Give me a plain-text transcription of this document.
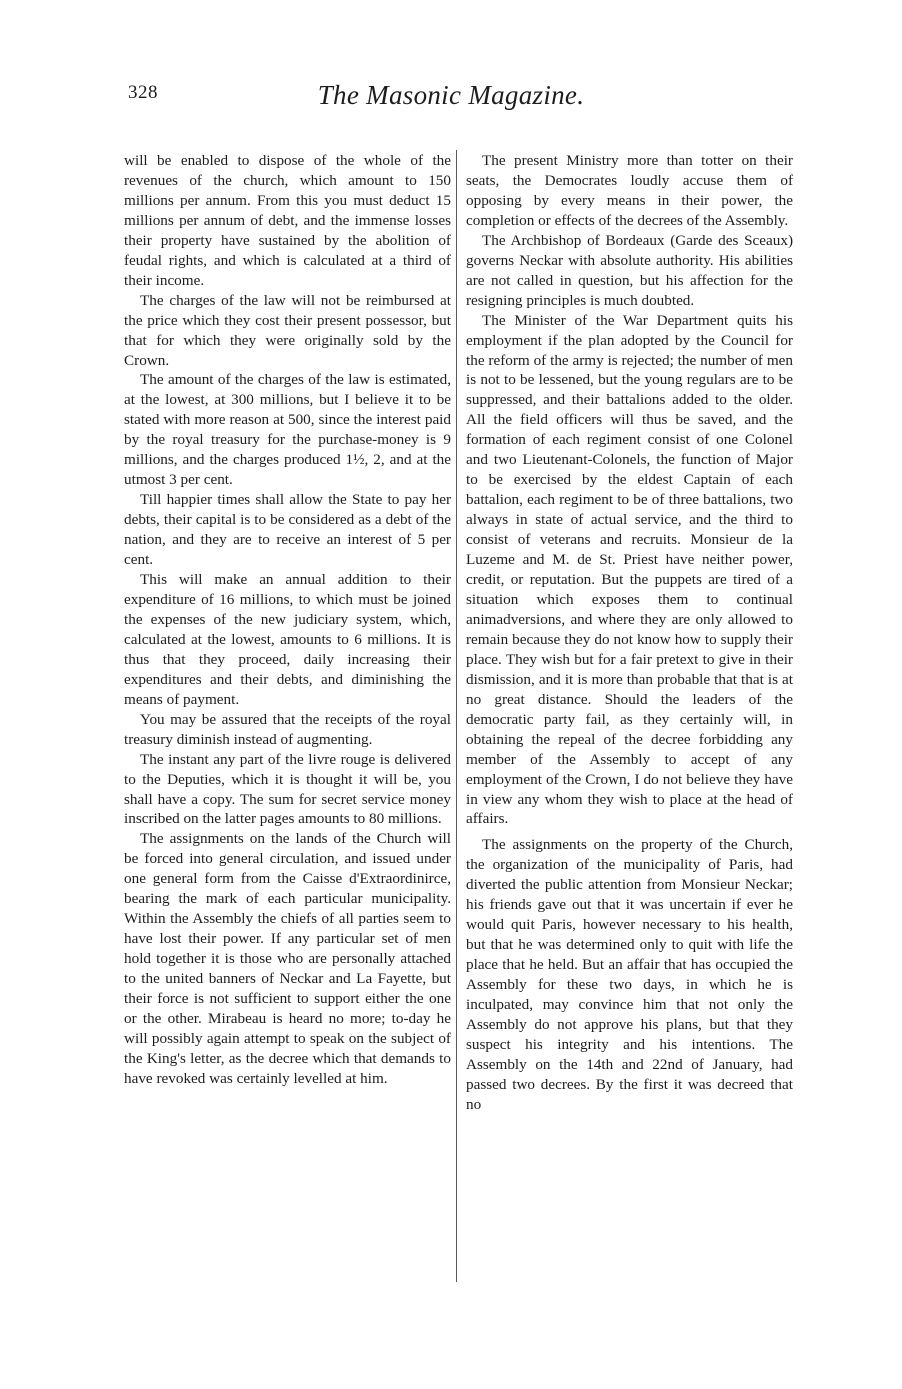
328	The Masonic Magazine.

will be enabled to dispose of the whole of the revenues of the church, which amount to 150 millions per annum. From this you must deduct 15 millions per annum of debt, and the immense losses their property have sustained by the abolition of feudal rights, and which is calculated at a third of their income.

The charges of the law will not be reimbursed at the price which they cost their present possessor, but that for which they were originally sold by the Crown.

The amount of the charges of the law is estimated, at the lowest, at 300 millions, but I believe it to be stated with more reason at 500, since the interest paid by the royal treasury for the purchase-money is 9 millions, and the charges produced 1½, 2, and at the utmost 3 per cent.

Till happier times shall allow the State to pay her debts, their capital is to be considered as a debt of the nation, and they are to receive an interest of 5 per cent.

This will make an annual addition to their expenditure of 16 millions, to which must be joined the expenses of the new judiciary system, which, calculated at the lowest, amounts to 6 millions. It is thus that they proceed, daily increasing their expenditures and their debts, and diminishing the means of payment.

You may be assured that the receipts of the royal treasury diminish instead of augmenting.

The instant any part of the livre rouge is delivered to the Deputies, which it is thought it will be, you shall have a copy. The sum for secret service money inscribed on the latter pages amounts to 80 millions.

The assignments on the lands of the Church will be forced into general circulation, and issued under one general form from the Caisse d'Extraordinirce, bearing the mark of each particular municipality. Within the Assembly the chiefs of all parties seem to have lost their power. If any particular set of men hold together it is those who are personally attached to the united banners of Neckar and La Fayette, but their force is not sufficient to support either the one or the other. Mirabeau is heard no more; to-day he will possibly again attempt to speak on the subject of the King's letter, as the decree which that demands to have revoked was certainly levelled at him.

The present Ministry more than totter on their seats, the Democrates loudly accuse them of opposing by every means in their power, the completion or effects of the decrees of the Assembly.

The Archbishop of Bordeaux (Garde des Sceaux) governs Neckar with absolute authority. His abilities are not called in question, but his affection for the resigning principles is much doubted.

The Minister of the War Department quits his employment if the plan adopted by the Council for the reform of the army is rejected; the number of men is not to be lessened, but the young regulars are to be suppressed, and their battalions added to the older. All the field officers will thus be saved, and the formation of each regiment consist of one Colonel and two Lieutenant-Colonels, the function of Major to be exercised by the eldest Captain of each battalion, each regiment to be of three battalions, two always in state of actual service, and the third to consist of veterans and recruits. Monsieur de la Luzeme and M. de St. Priest have neither power, credit, or reputation. But the puppets are tired of a situation which exposes them to continual animadversions, and where they are only allowed to remain because they do not know how to supply their place. They wish but for a fair pretext to give in their dismission, and it is more than probable that that is at no great distance. Should the leaders of the democratic party fail, as they certainly will, in obtaining the repeal of the decree forbidding any member of the Assembly to accept of any employment of the Crown, I do not believe they have in view any whom they wish to place at the head of affairs.

The assignments on the property of the Church, the organization of the municipality of Paris, had diverted the public attention from Monsieur Neckar; his friends gave out that it was uncertain if ever he would quit Paris, however necessary to his health, but that he was determined only to quit with life the place that he held. But an affair that has occupied the Assembly for these two days, in which he is inculpated, may convince him that not only the Assembly do not approve his plans, but that they suspect his integrity and his intentions. The Assembly on the 14th and 22nd of January, had passed two decrees. By the first it was decreed that no
